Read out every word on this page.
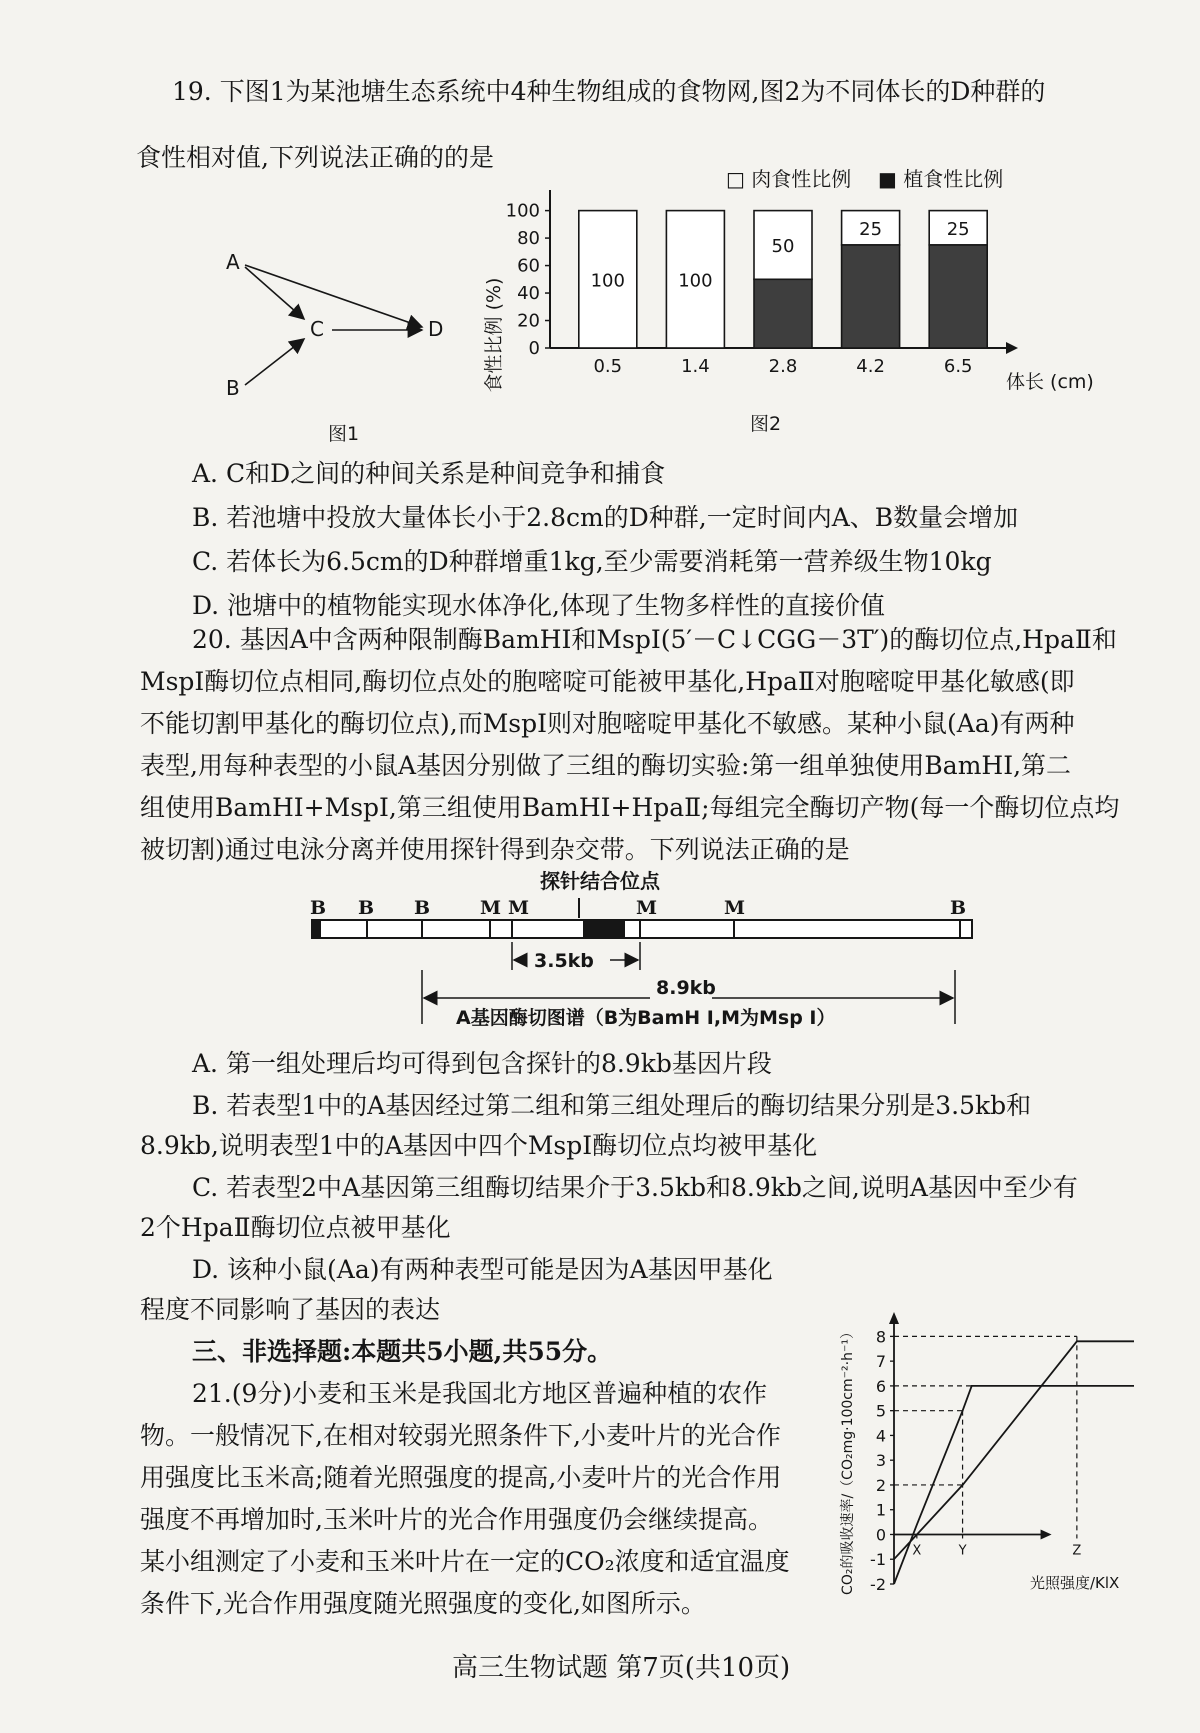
19. 下图1为某池塘生态系统中4种生物组成的食物网,图2为不同体长的D种群的
食性相对值,下列说法正确的的是
A
B
C	D
图1
□ 肉食性比例 ■ 植食性比例
食性比例 (%)	体长 (cm)
图2
0
20
40
60
80
100
100
0.5
100
1.4
50
2.8
25
4.2
25
6.5
A. C和D之间的种间关系是种间竞争和捕食
B. 若池塘中投放大量体长小于2.8cm的D种群,一定时间内A、B数量会增加
C. 若体长为6.5cm的D种群增重1kg,至少需要消耗第一营养级生物10kg
D. 池塘中的植物能实现水体净化,体现了生物多样性的直接价值
20. 基因A中含两种限制酶BamHI和MspI(5′－C↓CGG－3T′)的酶切位点,HpaⅡ和
MspI酶切位点相同,酶切位点处的胞嘧啶可能被甲基化,HpaⅡ对胞嘧啶甲基化敏感(即
不能切割甲基化的酶切位点),而MspI则对胞嘧啶甲基化不敏感。某种小鼠(Aa)有两种
表型,用每种表型的小鼠A基因分别做了三组的酶切实验:第一组单独使用BamHI,第二
组使用BamHI+MspI,第三组使用BamHI+HpaⅡ;每组完全酶切产物(每一个酶切位点均
被切割)通过电泳分离并使用探针得到杂交带。下列说法正确的是
探针结合位点
B B B	M M	M	M	B
3.5kb
8.9kb
A基因酶切图谱（B为BamH I,M为Msp I）
A. 第一组处理后均可得到包含探针的8.9kb基因片段
B. 若表型1中的A基因经过第二组和第三组处理后的酶切结果分别是3.5kb和
8.9kb,说明表型1中的A基因中四个MspI酶切位点均被甲基化
C. 若表型2中A基因第三组酶切结果介于3.5kb和8.9kb之间,说明A基因中至少有
2个HpaⅡ酶切位点被甲基化
D. 该种小鼠(Aa)有两种表型可能是因为A基因甲基化
程度不同影响了基因的表达
三、非选择题:本题共5小题,共55分。
21.(9分)小麦和玉米是我国北方地区普遍种植的农作
物。一般情况下,在相对较弱光照条件下,小麦叶片的光合作
用强度比玉米高;随着光照强度的提高,小麦叶片的光合作用
强度不再增加时,玉米叶片的光合作用强度仍会继续提高。
某小组测定了小麦和玉米叶片在一定的CO₂浓度和适宜温度
条件下,光合作用强度随光照强度的变化,如图所示。
CO₂的吸收速率/（CO₂mg·100cm⁻²·h⁻¹）	光照强度/KlX
-2
-1
0
1
2
3
4
5
6
7
8
X	Y	Z
高三生物试题 第7页(共10页)
